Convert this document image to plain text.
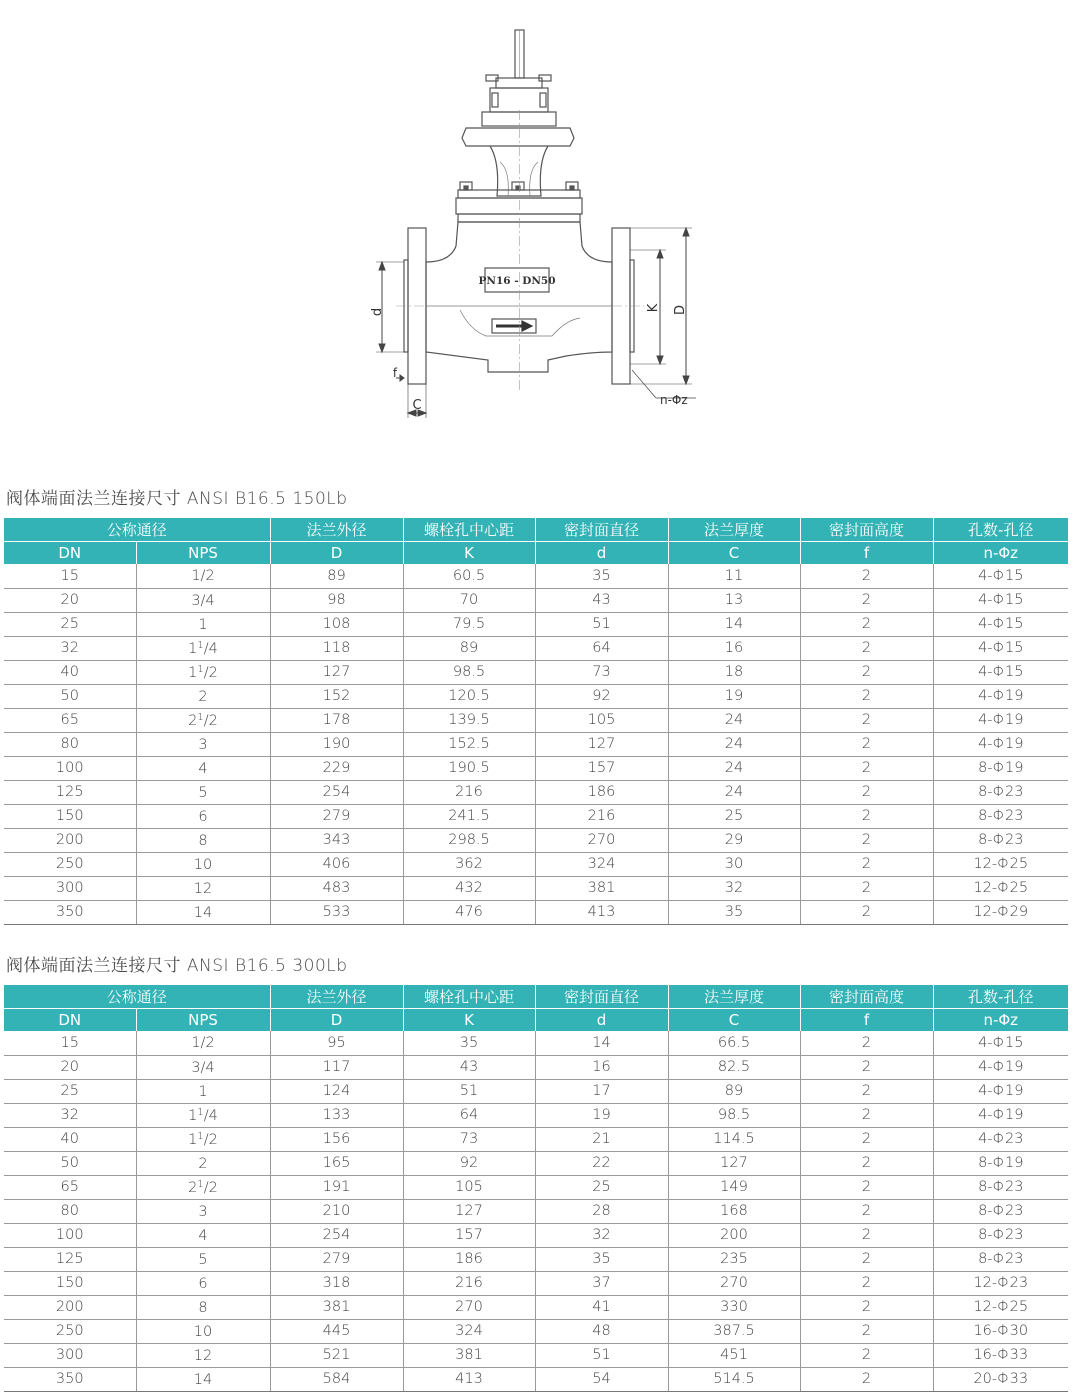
d	K D
f
C	n-Φz
PN16 - DN50
阀体端面法兰连接尺寸 ANSI B16.5 150Lb
公称通径		法兰外径	螺栓孔中心距	密封面直径	法兰厚度	密封面高度	孔数-孔径
DN	NPS	D	K	d	C	f	n-Φz
15	1/2	89	60.5	35	11	2	4-Φ15
20	3/4	98	70	43	13	2	4-Φ15
25	1	108	79.5	51	14	2	4-Φ15
32	$1^1/4$	118	89	64	16	2	4-Φ15
40	$1^1/2$	127	98.5	73	18	2	4-Φ15
50	2	152	120.5	92	19	2	4-Φ19
65	$2^1/2$	178	139.5	105	24	2	4-Φ19
80	3	190	152.5	127	24	2	4-Φ19
100	4	229	190.5	157	24	2	8-Φ19
125	5	254	216	186	24	2	8-Φ23
150	6	279	241.5	216	25	2	8-Φ23
200	8	343	298.5	270	29	2	8-Φ23
250	10	406	362	324	30	2	12-Φ25
300	12	483	432	381	32	2	12-Φ25
350	14	533	476	413	35	2	12-Φ29
阀体端面法兰连接尺寸 ANSI B16.5 300Lb
公称通径		法兰外径	螺栓孔中心距	密封面直径	法兰厚度	密封面高度	孔数-孔径
DN	NPS	D	K	d	C	f	n-Φz
15	1/2	95	35	14	66.5	2	4-Φ15
20	3/4	117	43	16	82.5	2	4-Φ19
25	1	124	51	17	89	2	4-Φ19
32	$1^1/4$	133	64	19	98.5	2	4-Φ19
40	$1^1/2$	156	73	21	114.5	2	4-Φ23
50	2	165	92	22	127	2	8-Φ19
65	$2^1/2$	191	105	25	149	2	8-Φ23
80	3	210	127	28	168	2	8-Φ23
100	4	254	157	32	200	2	8-Φ23
125	5	279	186	35	235	2	8-Φ23
150	6	318	216	37	270	2	12-Φ23
200	8	381	270	41	330	2	12-Φ25
250	10	445	324	48	387.5	2	16-Φ30
300	12	521	381	51	451	2	16-Φ33
350	14	584	413	54	514.5	2	20-Φ33
